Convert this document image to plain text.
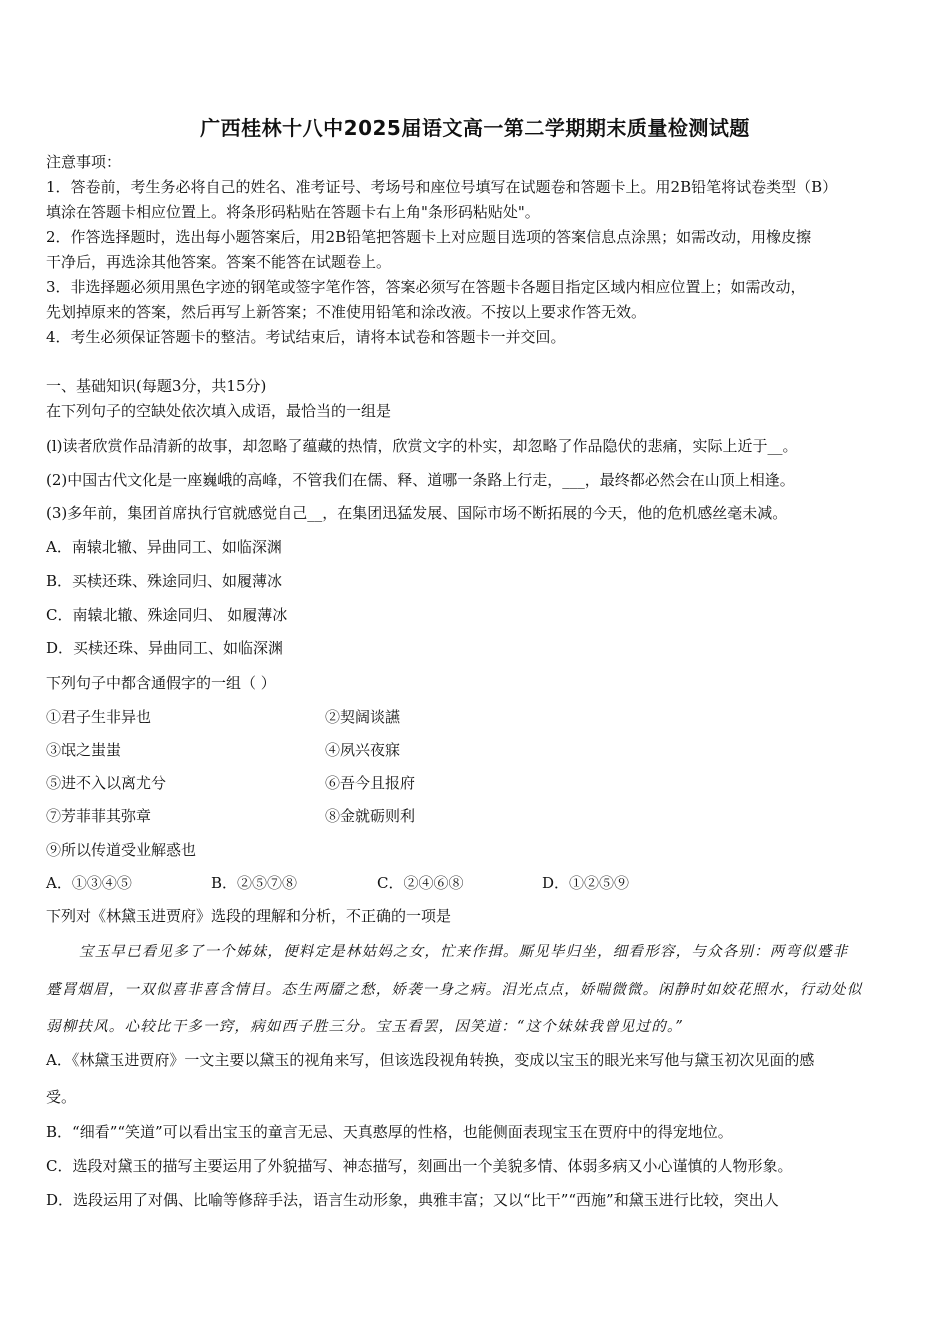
广西桂林十八中2025届语文高一第二学期期末质量检测试题
注意事项：
1．答卷前，考生务必将自己的姓名、准考证号、考场号和座位号填写在试题卷和答题卡上。用2B铅笔将试卷类型（B）
填涂在答题卡相应位置上。将条形码粘贴在答题卡右上角"条形码粘贴处"。
2．作答选择题时，选出每小题答案后，用2B铅笔把答题卡上对应题目选项的答案信息点涂黑；如需改动，用橡皮擦
干净后，再选涂其他答案。答案不能答在试题卷上。
3．非选择题必须用黑色字迹的钢笔或签字笔作答，答案必须写在答题卡各题目指定区域内相应位置上；如需改动，
先划掉原来的答案，然后再写上新答案；不准使用铅笔和涂改液。不按以上要求作答无效。
4．考生必须保证答题卡的整洁。考试结束后，请将本试卷和答题卡一并交回。
一、基础知识(每题3分，共15分)
在下列句子的空缺处依次填入成语，最恰当的一组是
(l)读者欣赏作品清新的故事，却忽略了蕴藏的热情，欣赏文字的朴实，却忽略了作品隐伏的悲痛，实际上近于__。
(2)中国古代文化是一座巍峨的高峰，不管我们在儒、释、道哪一条路上行走，___，最终都必然会在山顶上相逢。
(3)多年前，集团首席执行官就感觉自己__，在集团迅猛发展、国际市场不断拓展的今天，他的危机感丝毫未减。
A．南辕北辙、异曲同工、如临深渊
B．买椟还珠、殊途同归、如履薄冰
C．南辕北辙、殊途同归、 如履薄冰
D．买椟还珠、异曲同工、如临深渊
下列句子中都含通假字的一组（ ）
①君子生非异也	②契阔谈讌
③氓之蚩蚩	④夙兴夜寐
⑤进不入以离尤兮	⑥吾今且报府
⑦芳菲菲其弥章	⑧金就砺则利
⑨所以传道受业解惑也
A．①③④⑤	B．②⑤⑦⑧	C．②④⑥⑧	D．①②⑤⑨
下列对《林黛玉进贾府》选段的理解和分析，不正确的一项是
宝玉早已看见多了一个姊妹，便料定是林姑妈之女，忙来作揖。厮见毕归坐，细看形容，与众各别：两弯似蹙非
蹙罥烟眉，一双似喜非喜含情目。态生两靥之愁，娇袭一身之病。泪光点点，娇喘微微。闲静时如姣花照水，行动处似
弱柳扶风。心较比干多一窍，病如西子胜三分。宝玉看罢，因笑道：“这个妹妹我曾见过的。”
A．《林黛玉进贾府》一文主要以黛玉的视角来写，但该选段视角转换，变成以宝玉的眼光来写他与黛玉初次见面的感
受。
B．“细看”“笑道”可以看出宝玉的童言无忌、天真憨厚的性格，也能侧面表现宝玉在贾府中的得宠地位。
C．选段对黛玉的描写主要运用了外貌描写、神态描写，刻画出一个美貌多情、体弱多病又小心谨慎的人物形象。
D．选段运用了对偶、比喻等修辞手法，语言生动形象，典雅丰富；又以“比干”“西施”和黛玉进行比较，突出人
